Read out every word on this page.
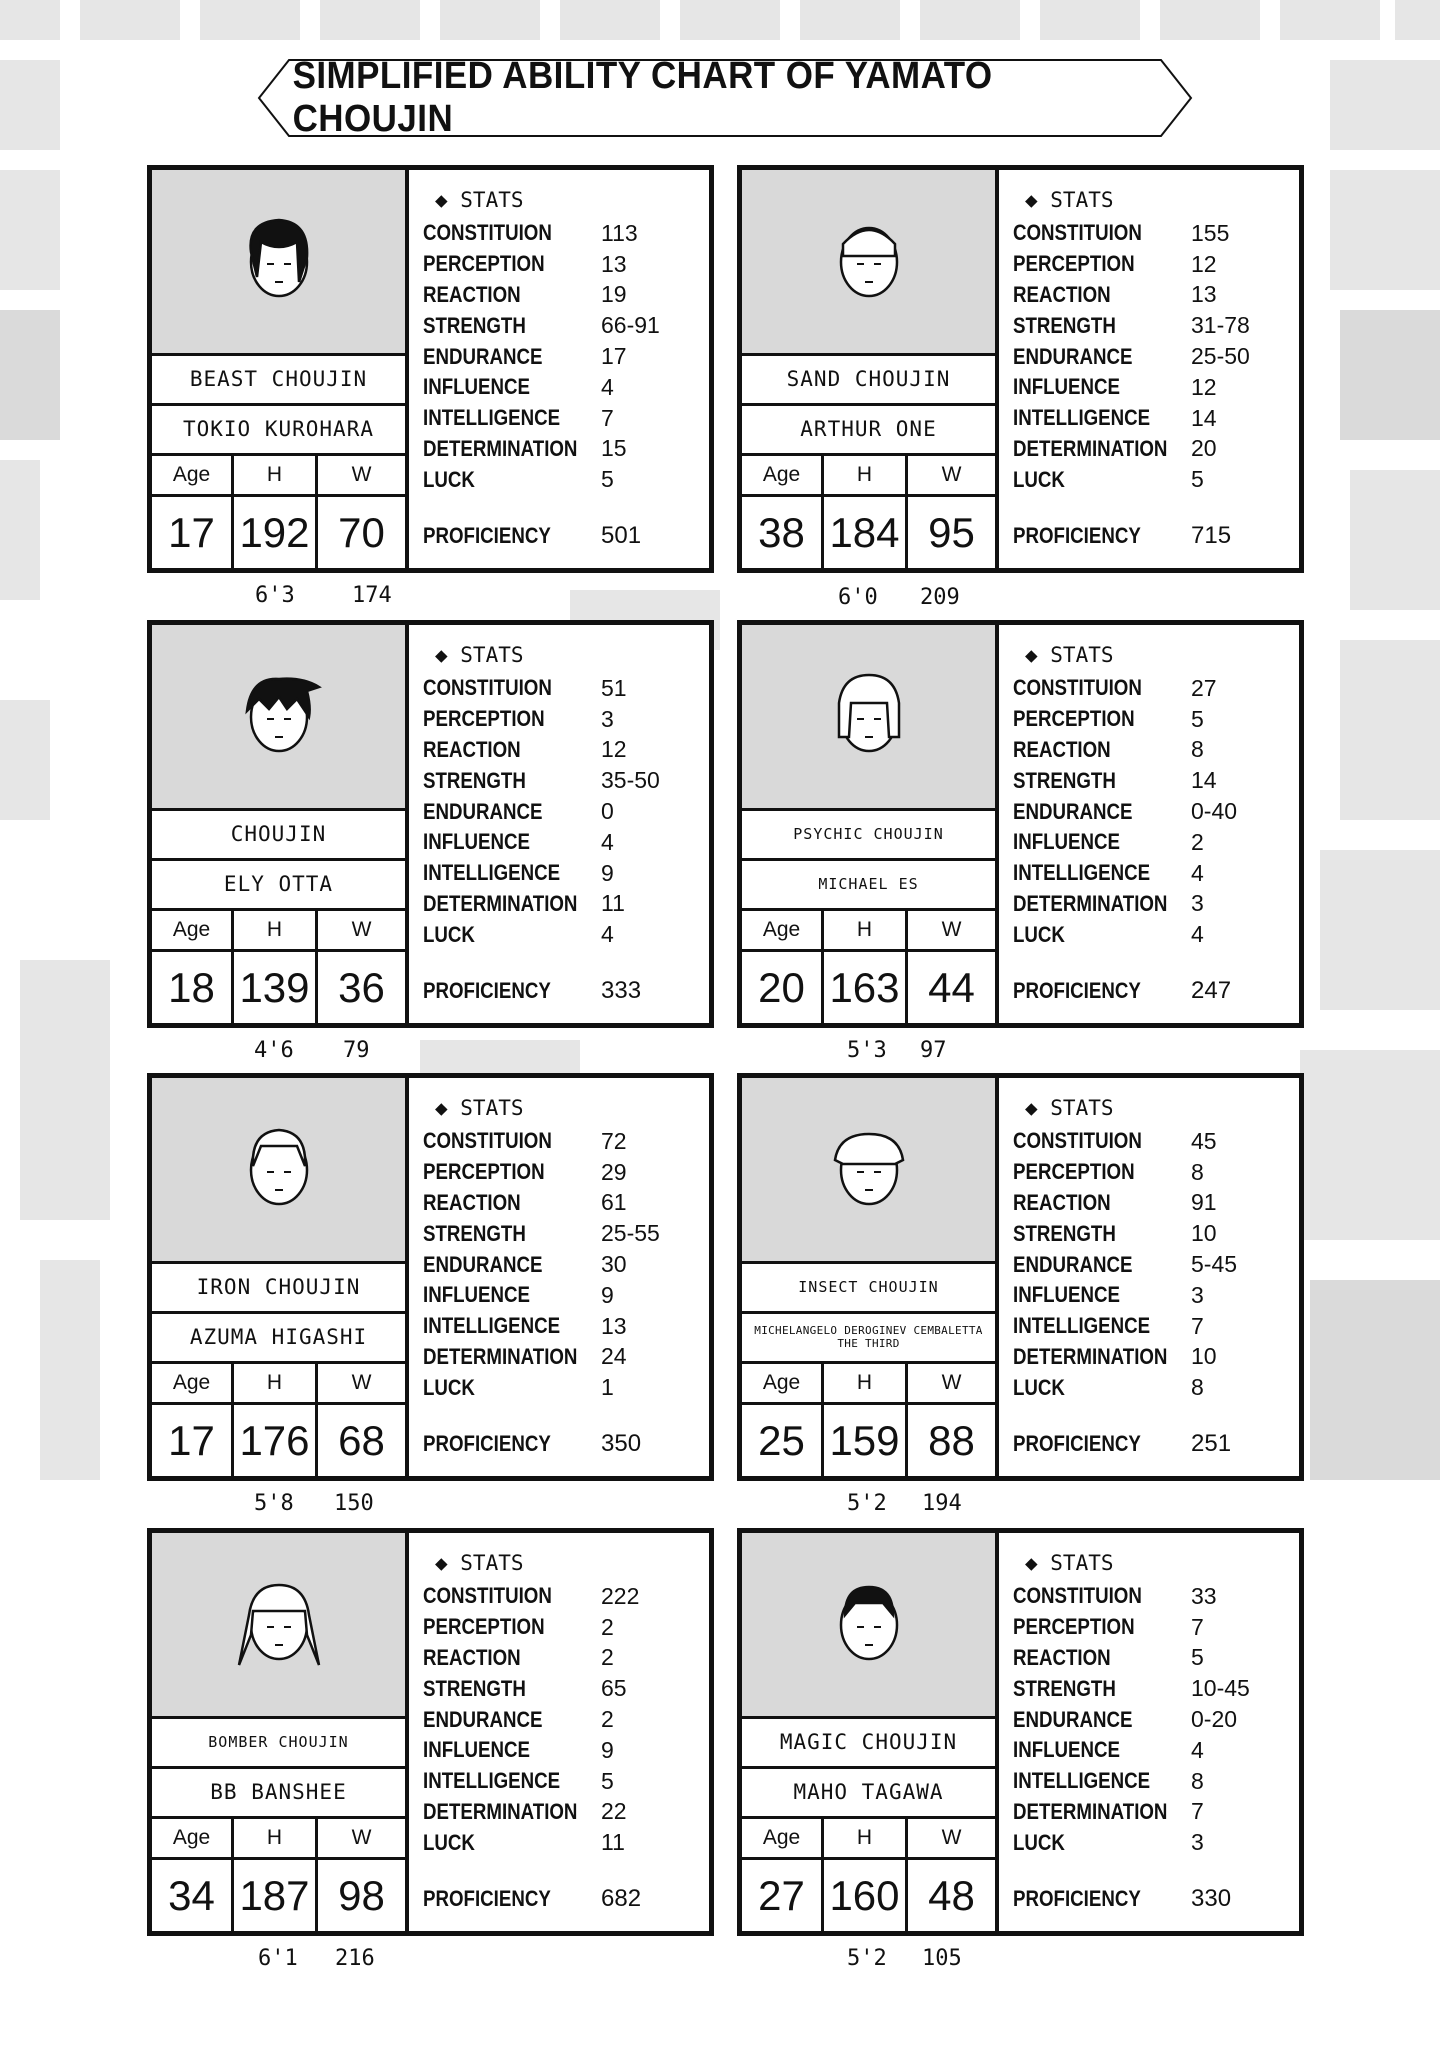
SIMPLIFIED ABILITY CHART OF YAMATO CHOUJIN
BEAST CHOUJIN
TOKIO KUROHARA
Age	H	W
17 192 70
◆ STATS
CONSTITUION	113
PERCEPTION	13
REACTION	19
STRENGTH	66-91
ENDURANCE	17
INFLUENCE	4
INTELLIGENCE	7
DETERMINATION 15
LUCK	5
PROFICIENCY	501
6'3	174
SAND CHOUJIN
ARTHUR ONE
Age	H	W
38 184 95
◆ STATS
CONSTITUION	155
PERCEPTION	12
REACTION	13
STRENGTH	31-78
ENDURANCE	25-50
INFLUENCE	12
INTELLIGENCE	14
DETERMINATION 20
LUCK	5
PROFICIENCY	715
6'0 209
CHOUJIN
ELY OTTA
Age	H	W
18 139 36
◆ STATS
CONSTITUION	51
PERCEPTION	3
REACTION	12
STRENGTH	35-50
ENDURANCE	0
INFLUENCE	4
INTELLIGENCE	9
DETERMINATION 11
LUCK	4
PROFICIENCY	333
4'6 79
PSYCHIC CHOUJIN
MICHAEL ES
Age	H	W
20 163 44
◆ STATS
CONSTITUION	27
PERCEPTION	5
REACTION	8
STRENGTH	14
ENDURANCE	0-40
INFLUENCE	2
INTELLIGENCE	4
DETERMINATION 3
LUCK	4
PROFICIENCY	247
5'3 97
IRON CHOUJIN
AZUMA HIGASHI
Age	H	W
17 176 68
◆ STATS
CONSTITUION	72
PERCEPTION	29
REACTION	61
STRENGTH	25-55
ENDURANCE	30
INFLUENCE	9
INTELLIGENCE	13
DETERMINATION 24
LUCK	1
PROFICIENCY	350
5'8 150
INSECT CHOUJIN
MICHELANGELO DEROGINEV CEMBALETTA THE THIRD
Age	H	W
25 159 88
◆ STATS
CONSTITUION	45
PERCEPTION	8
REACTION	91
STRENGTH	10
ENDURANCE	5-45
INFLUENCE	3
INTELLIGENCE	7
DETERMINATION 10
LUCK	8
PROFICIENCY	251
5'2 194
BOMBER CHOUJIN
BB BANSHEE
Age	H	W
34 187 98
◆ STATS
CONSTITUION	222
PERCEPTION	2
REACTION	2
STRENGTH	65
ENDURANCE	2
INFLUENCE	9
INTELLIGENCE	5
DETERMINATION 22
LUCK	11
PROFICIENCY	682
6'1 216
MAGIC CHOUJIN
MAHO TAGAWA
Age	H	W
27 160 48
◆ STATS
CONSTITUION	33
PERCEPTION	7
REACTION	5
STRENGTH	10-45
ENDURANCE	0-20
INFLUENCE	4
INTELLIGENCE	8
DETERMINATION 7
LUCK	3
PROFICIENCY	330
5'2 105
